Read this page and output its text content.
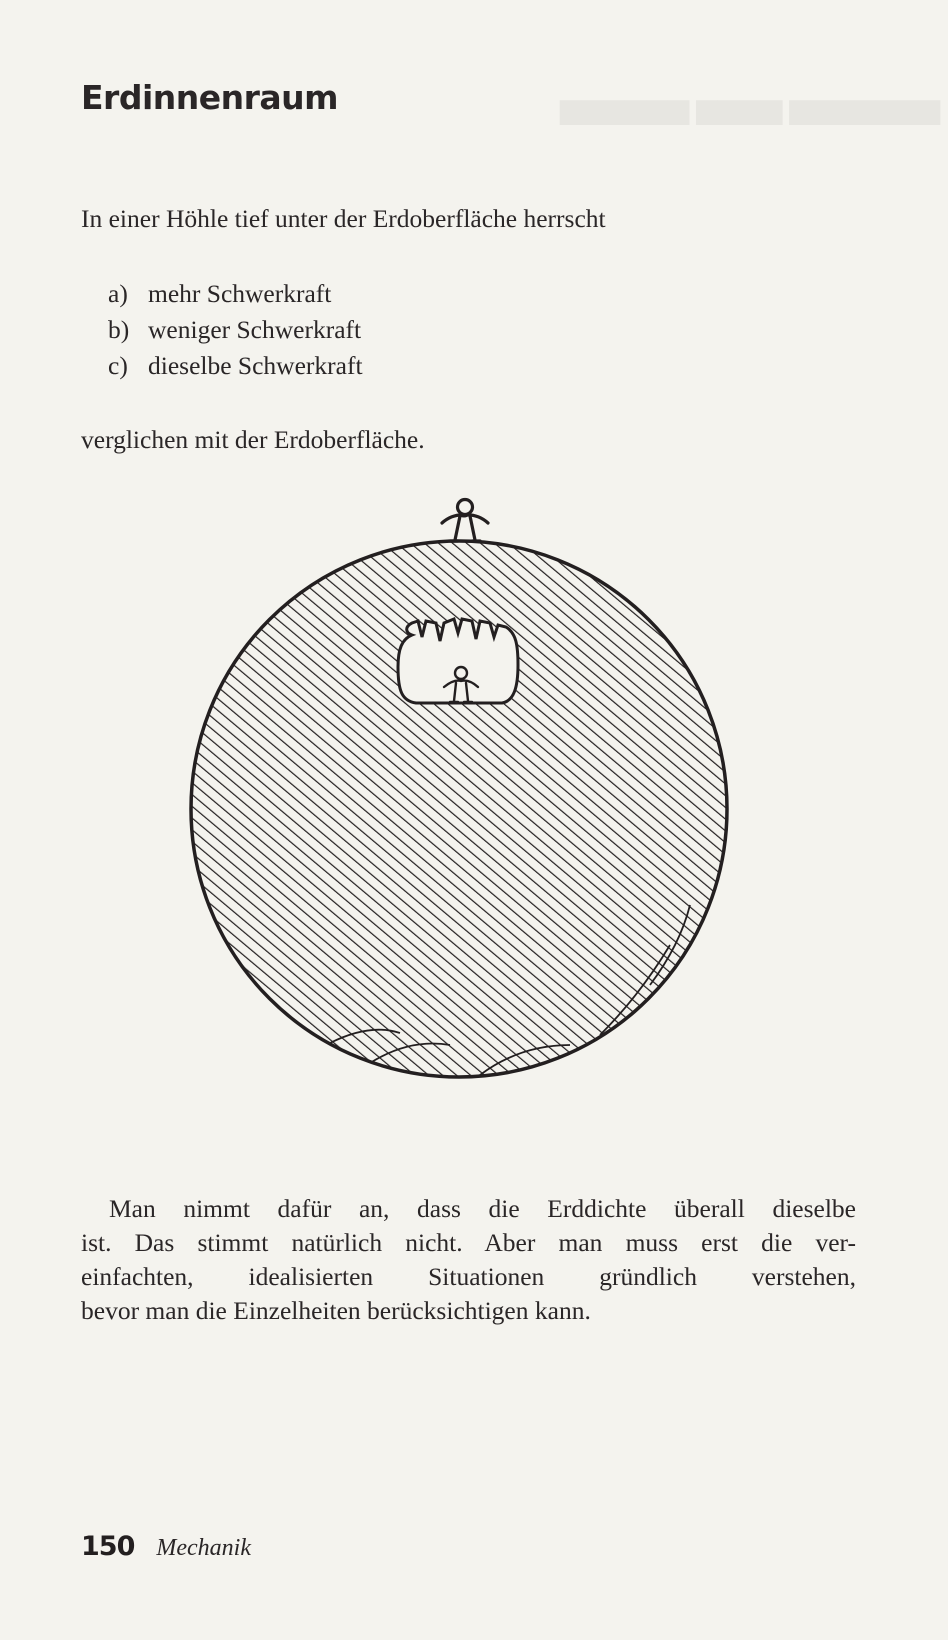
▆▆▆▆▆▆▆ ▆▆▆▆ ▆▆▆▆▆▆
Erdinnenraum

In einer Höhle tief unter der Erdoberfläche herrscht

a) mehr Schwerkraft
b) weniger Schwerkraft
c) dieselbe Schwerkraft

verglichen mit der Erdoberfläche.

Man nimmt dafür an, dass die Erddichte überall dieselbe
ist. Das stimmt natürlich nicht. Aber man muss erst die ver-
einfachten, idealisierten Situationen gründlich verstehen,
bevor man die Einzelheiten berücksichtigen kann.
150 Mechanik
